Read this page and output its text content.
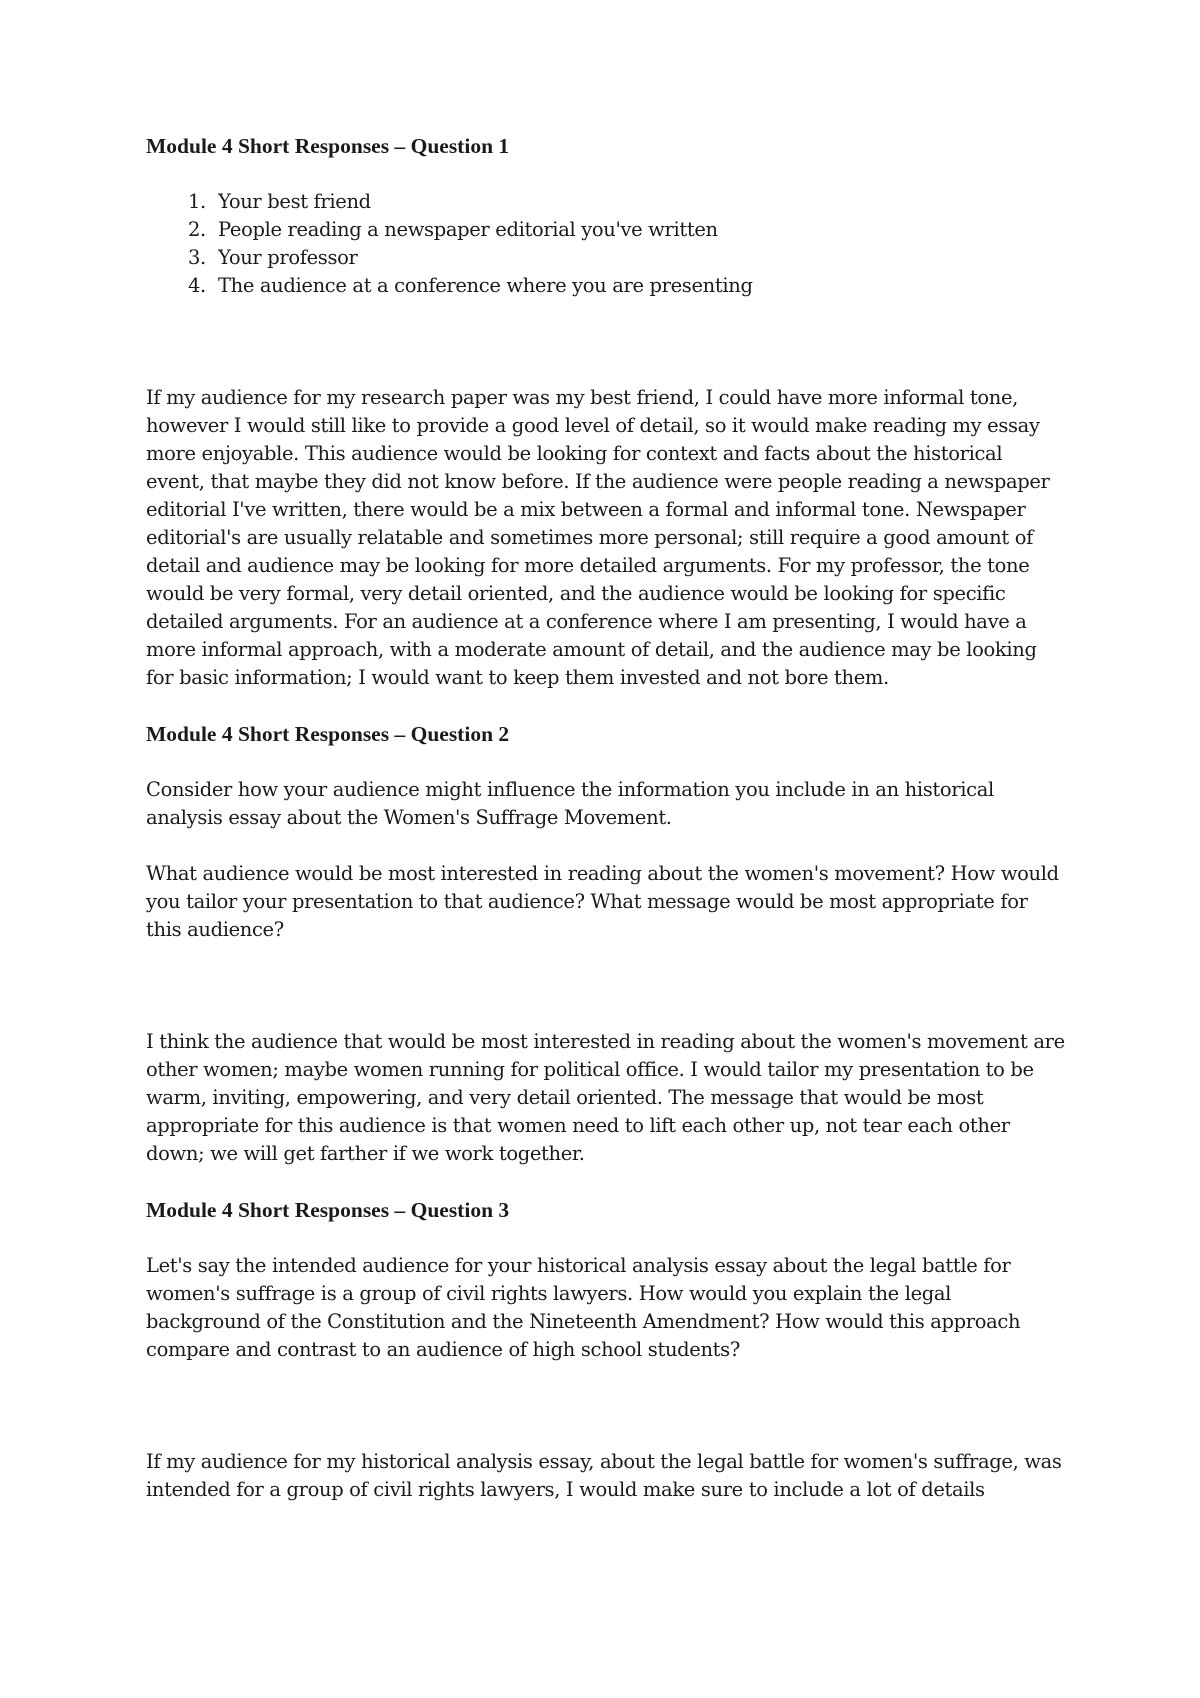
Module 4 Short Responses – Question 1
1. Your best friend
2. People reading a newspaper editorial you've written
3. Your professor
4. The audience at a conference where you are presenting

If my audience for my research paper was my best friend, I could have more informal tone, however I would still like to provide a good level of detail, so it would make reading my essay more enjoyable. This audience would be looking for context and facts about the historical event, that maybe they did not know before. If the audience were people reading a newspaper editorial I've written, there would be a mix between a formal and informal tone. Newspaper editorial's are usually relatable and sometimes more personal; still require a good amount of detail and audience may be looking for more detailed arguments. For my professor, the tone would be very formal, very detail oriented, and the audience would be looking for specific detailed arguments. For an audience at a conference where I am presenting, I would have a more informal approach, with a moderate amount of detail, and the audience may be looking for basic information; I would want to keep them invested and not bore them.

Module 4 Short Responses – Question 2

Consider how your audience might influence the information you include in an historical analysis essay about the Women's Suffrage Movement.

What audience would be most interested in reading about the women's movement? How would you tailor your presentation to that audience? What message would be most appropriate for this audience?

I think the audience that would be most interested in reading about the women's movement are other women; maybe women running for political office. I would tailor my presentation to be warm, inviting, empowering, and very detail oriented. The message that would be most appropriate for this audience is that women need to lift each other up, not tear each other down; we will get farther if we work together.

Module 4 Short Responses – Question 3

Let's say the intended audience for your historical analysis essay about the legal battle for women's suffrage is a group of civil rights lawyers. How would you explain the legal background of the Constitution and the Nineteenth Amendment? How would this approach compare and contrast to an audience of high school students?

If my audience for my historical analysis essay, about the legal battle for women's suffrage, was intended for a group of civil rights lawyers, I would make sure to include a lot of details
